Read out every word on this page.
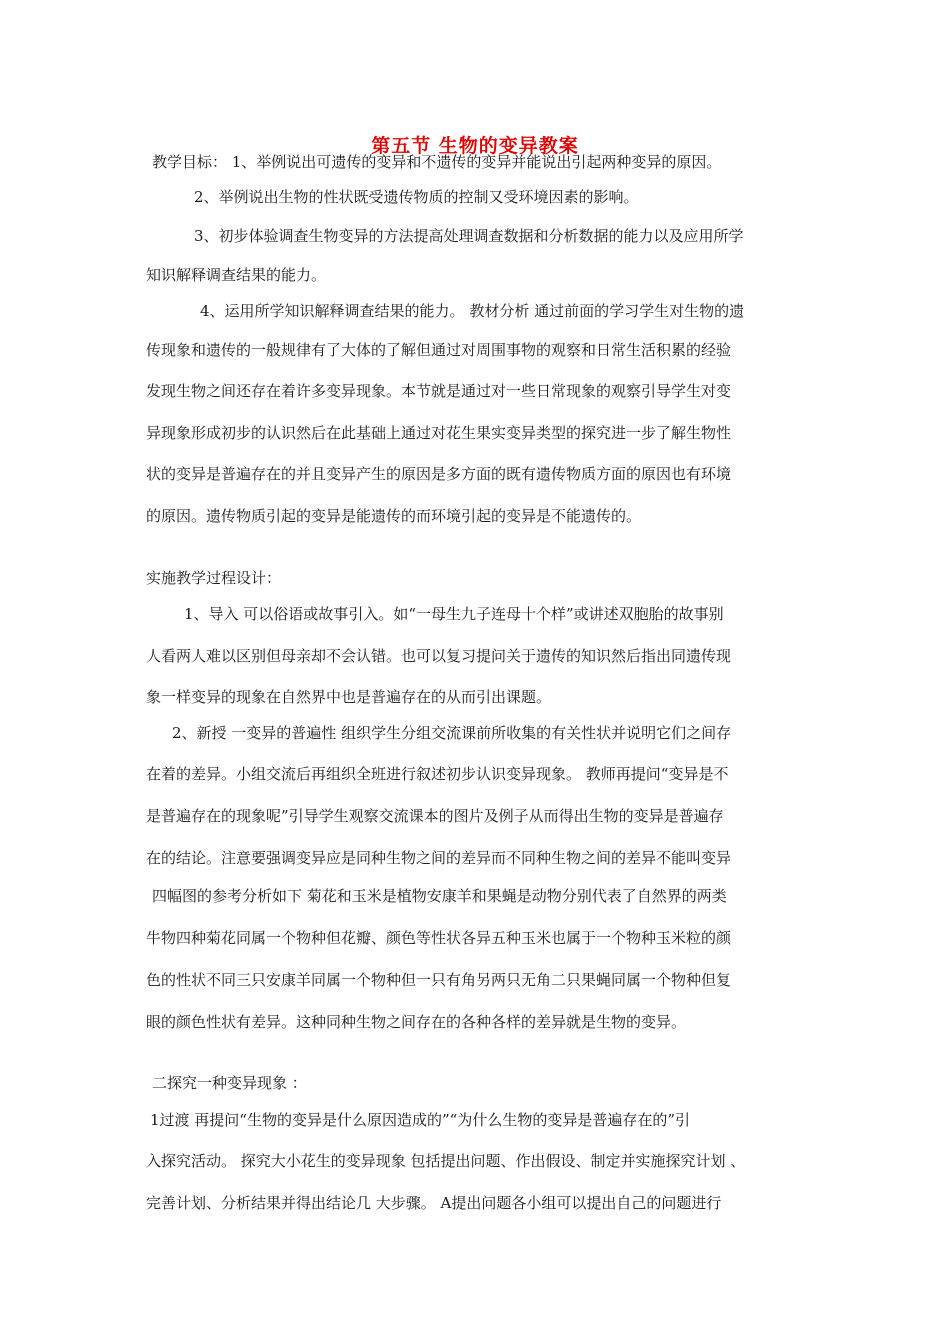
第五节 生物的变异教案
教学目标： 1、举例说出可遗传的变异和不遗传的变异并能说出引起两种变异的原因。
2、举例说出生物的性状既受遗传物质的控制又受环境因素的影响。
3、初步体验调查生物变异的方法提高处理调查数据和分析数据的能力以及应用所学
知识解释调查结果的能力。
4、运用所学知识解释调查结果的能力。 教材分析 通过前面的学习学生对生物的遗
传现象和遗传的一般规律有了大体的了解但通过对周围事物的观察和日常生活积累的经验
发现生物之间还存在着许多变异现象。本节就是通过对一些日常现象的观察引导学生对变
异现象形成初步的认识然后在此基础上通过对花生果实变异类型的探究进一步了解生物性
状的变异是普遍存在的并且变异产生的原因是多方面的既有遗传物质方面的原因也有环境
的原因。遗传物质引起的变异是能遗传的而环境引起的变异是不能遗传的。
实施教学过程设计：
1、导入 可以俗语或故事引入。如“一母生九子连母十个样”或讲述双胞胎的故事别
人看两人难以区别但母亲却不会认错。也可以复习提问关于遗传的知识然后指出同遗传现
象一样变异的现象在自然界中也是普遍存在的从而引出课题。
2、新授 一变异的普遍性 组织学生分组交流课前所收集的有关性状并说明它们之间存
在着的差异。小组交流后再组织全班进行叙述初步认识变异现象。 教师再提问“变异是不
是普遍存在的现象呢”引导学生观察交流课本的图片及例子从而得出生物的变异是普遍存
在的结论。注意要强调变异应是同种生物之间的差异而不同种生物之间的差异不能叫变异
四幅图的参考分析如下 菊花和玉米是植物安康羊和果蝇是动物分别代表了自然界的两类
牛物四种菊花同属一个物种但花瓣、颜色等性状各异五种玉米也属于一个物种玉米粒的颜
色的性状不同三只安康羊同属一个物种但一只有角另两只无角二只果蝇同属一个物种但复
眼的颜色性状有差异。这种同种生物之间存在的各种各样的差异就是生物的变异。
二探究一种变异现象 ：
1过渡 再提问“生物的变异是什么原因造成的”“为什么生物的变异是普遍存在的”引
入探究活动。 探究大小花生的变异现象 包括提出问题、作出假设、制定并实施探究计划 、
完善计划、分析结果并得出结论几 大步骤。 A提出问题各小组可以提出自己的问题进行
